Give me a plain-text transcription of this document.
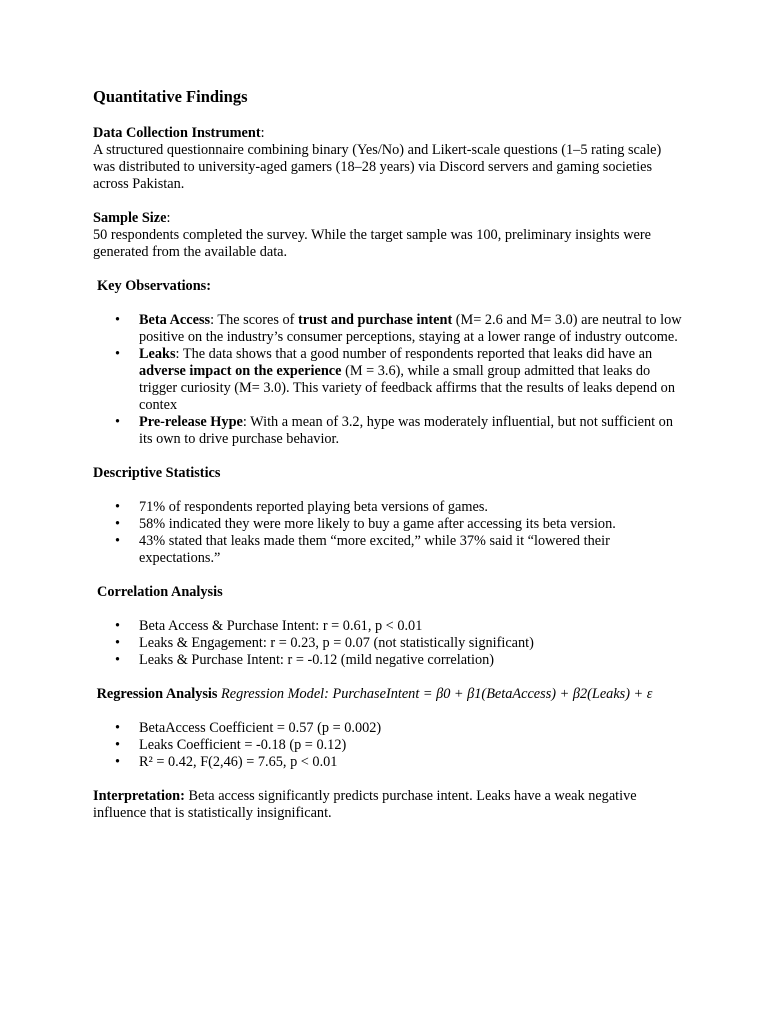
Quantitative Findings

Data Collection Instrument:

A structured questionnaire combining binary (Yes/No) and Likert-scale questions (1–5 rating scale) was distributed to university-aged gamers (18–28 years) via Discord servers and gaming societies across Pakistan.

Sample Size:

50 respondents completed the survey. While the target sample was 100, preliminary insights were generated from the available data.

Key Observations:

• Beta Access: The scores of trust and purchase intent (M= 2.6 and M= 3.0) are neutral to low positive on the industry’s consumer perceptions, staying at a lower range of industry outcome.
• Leaks: The data shows that a good number of respondents reported that leaks did have an adverse impact on the experience (M = 3.6), while a small group admitted that leaks do trigger curiosity (M= 3.0). This variety of feedback affirms that the results of leaks depend on contex
• Pre-release Hype: With a mean of 3.2, hype was moderately influential, but not sufficient on its own to drive purchase behavior.

Descriptive Statistics

• 71% of respondents reported playing beta versions of games.
• 58% indicated they were more likely to buy a game after accessing its beta version.
• 43% stated that leaks made them “more excited,” while 37% said it “lowered their expectations.”

Correlation Analysis

• Beta Access & Purchase Intent: r = 0.61, p < 0.01
• Leaks & Engagement: r = 0.23, p = 0.07 (not statistically significant)
• Leaks & Purchase Intent: r = -0.12 (mild negative correlation)

Regression Analysis Regression Model: PurchaseIntent = β0 + β1(BetaAccess) + β2(Leaks) + ε

• BetaAccess Coefficient = 0.57 (p = 0.002)
• Leaks Coefficient = -0.18 (p = 0.12)
• R² = 0.42, F(2,46) = 7.65, p < 0.01

Interpretation: Beta access significantly predicts purchase intent. Leaks have a weak negative influence that is statistically insignificant.
